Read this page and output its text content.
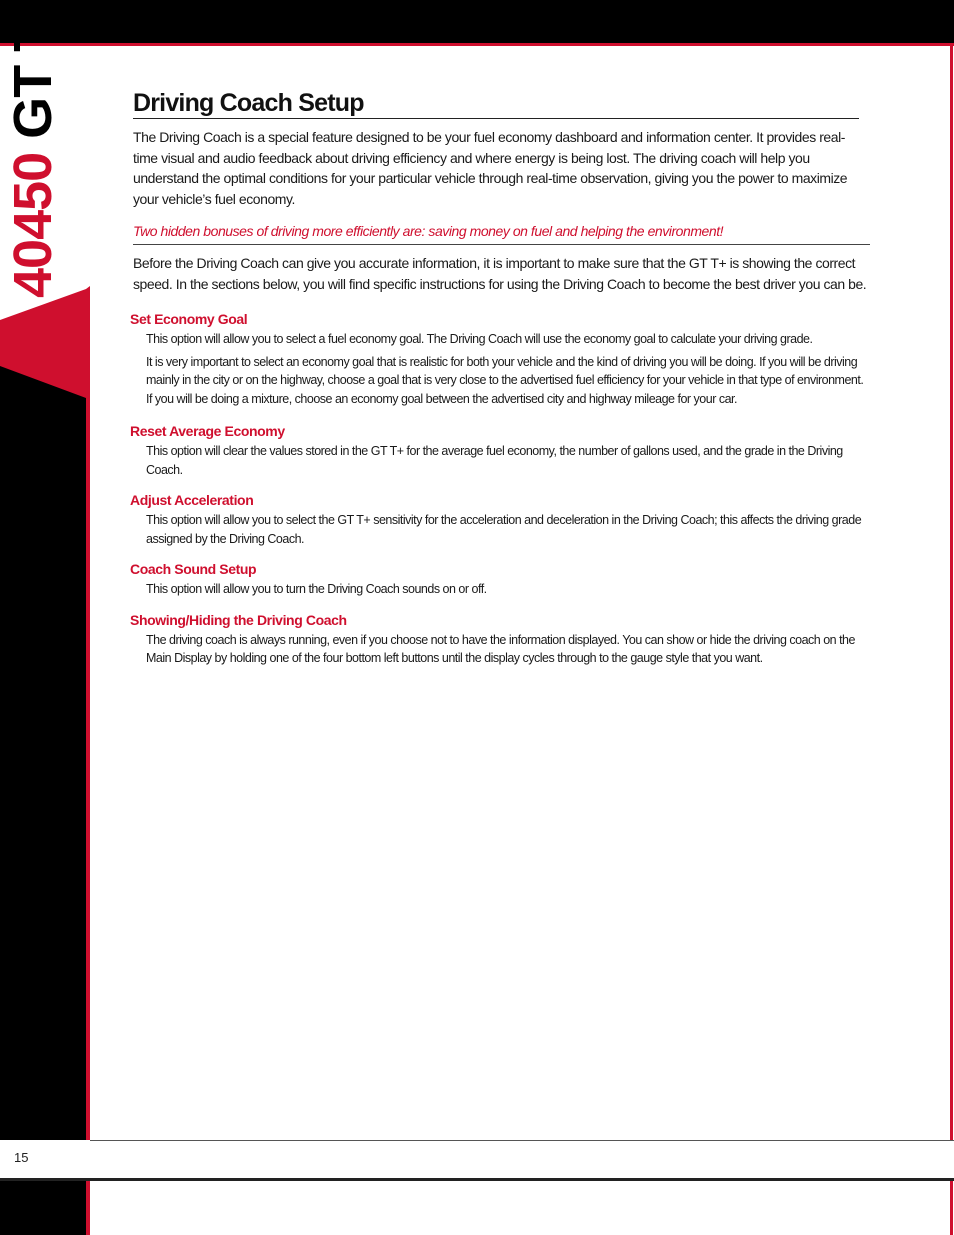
40450 GT T+
Driving Coach Setup

The Driving Coach is a special feature designed to be your fuel economy dashboard and information center. It provides real-time visual and audio feedback about driving efficiency and where energy is being lost. The driving coach will help you understand the optimal conditions for your particular vehicle through real-time observation, giving you the power to maximize your vehicle’s fuel economy.

Two hidden bonuses of driving more efficiently are: saving money on fuel and helping the environment!

Before the Driving Coach can give you accurate information, it is important to make sure that the GT T+ is showing the correct speed. In the sections below, you will find specific instructions for using the Driving Coach to become the best driver you can be.

Set Economy Goal

This option will allow you to select a fuel economy goal. The Driving Coach will use the economy goal to calculate your driving grade.

It is very important to select an economy goal that is realistic for both your vehicle and the kind of driving you will be doing. If you will be driving mainly in the city or on the highway, choose a goal that is very close to the advertised fuel efficiency for your vehicle in that type of environment. If you will be doing a mixture, choose an economy goal between the advertised city and highway mileage for your car.

Reset Average Economy

This option will clear the values stored in the GT T+ for the average fuel economy, the number of gallons used, and the grade in the Driving Coach.

Adjust Acceleration

This option will allow you to select the GT T+ sensitivity for the acceleration and deceleration in the Driving Coach; this affects the driving grade assigned by the Driving Coach.

Coach Sound Setup

This option will allow you to turn the Driving Coach sounds on or off.

Showing/Hiding the Driving Coach

The driving coach is always running, even if you choose not to have the information displayed. You can show or hide the driving coach on the Main Display by holding one of the four bottom left buttons until the display cycles through to the gauge style that you want.

15
